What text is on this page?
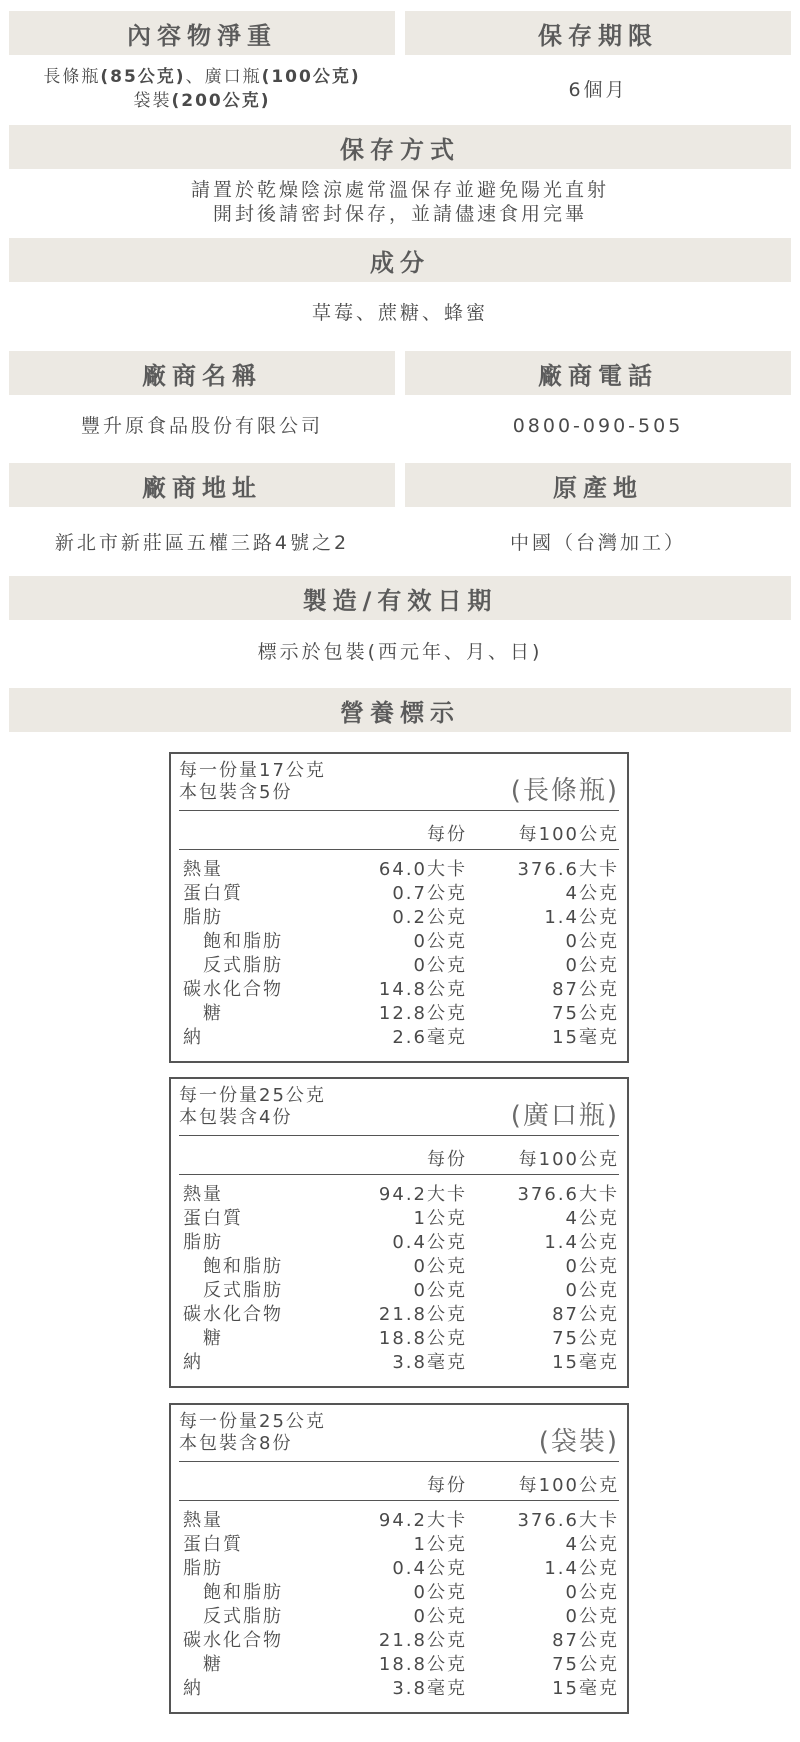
內容物淨重	保存期限
長條瓶(85公克)、廣口瓶(100公克)
袋裝(200公克)	6個月
保存方式
請置於乾燥陰涼處常溫保存並避免陽光直射
開封後請密封保存，並請儘速食用完畢
成分
草莓、蔗糖、蜂蜜
廠商名稱	廠商電話
豐升原食品股份有限公司	0800-090-505
廠商地址	原產地
新北市新莊區五權三路4號之2	中國（台灣加工）
製造/有效日期
標示於包裝(西元年、月、日)
營養標示
每一份量17公克
本包裝含5份	(長條瓶)
每份	每100公克
熱量	64.0大卡	376.6大卡
蛋白質	0.7公克	4公克
脂肪	0.2公克	1.4公克
飽和脂肪	0公克	0公克
反式脂肪	0公克	0公克
碳水化合物	14.8公克	87公克
糖	12.8公克	75公克
納	2.6毫克	15毫克
每一份量25公克
本包裝含4份	(廣口瓶)
每份	每100公克
熱量	94.2大卡	376.6大卡
蛋白質	1公克	4公克
脂肪	0.4公克	1.4公克
飽和脂肪	0公克	0公克
反式脂肪	0公克	0公克
碳水化合物	21.8公克	87公克
糖	18.8公克	75公克
納	3.8毫克	15毫克
每一份量25公克
本包裝含8份	(袋裝)
每份	每100公克
熱量	94.2大卡	376.6大卡
蛋白質	1公克	4公克
脂肪	0.4公克	1.4公克
飽和脂肪	0公克	0公克
反式脂肪	0公克	0公克
碳水化合物	21.8公克	87公克
糖	18.8公克	75公克
納	3.8毫克	15毫克
